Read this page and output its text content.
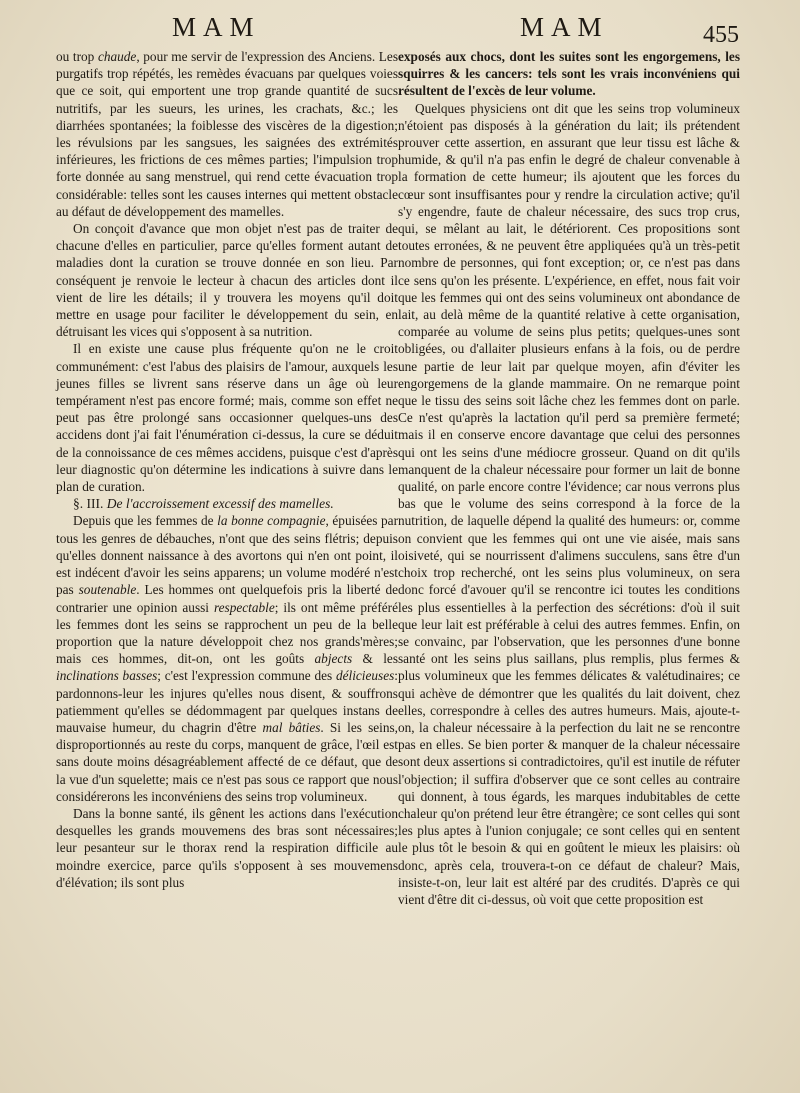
MAM	MAM	455

ou trop chaude, pour me servir de l'expression des Anciens. Les purgatifs trop répétés, les remèdes évacuans par quelques voies que ce soit, qui emportent une trop grande quantité de sucs nutritifs, par les sueurs, les urines, les crachats, &c.; les diarrhées spontanées; la foiblesse des viscères de la digestion; les révulsions par les sangsues, les saignées des extrémités inférieures, les frictions de ces mêmes parties; l'impulsion trop forte donnée au sang menstruel, qui rend cette évacuation trop considérable: telles sont les causes internes qui mettent obstacle au défaut de développement des mamelles.

On conçoit d'avance que mon objet n'est pas de traiter de chacune d'elles en particulier, parce qu'elles forment autant de maladies dont la curation se trouve donnée en son lieu. Par conséquent je renvoie le lecteur à chacun des articles dont il vient de lire les détails; il y trouvera les moyens qu'il doit mettre en usage pour faciliter le développement du sein, en détruisant les vices qui s'opposent à sa nutrition.

Il en existe une cause plus fréquente qu'on ne le croit communément: c'est l'abus des plaisirs de l'amour, auxquels les jeunes filles se livrent sans réserve dans un âge où leur tempérament n'est pas encore formé; mais, comme son effet ne peut pas être prolongé sans occasionner quelques-uns des accidens dont j'ai fait l'énumération ci-dessus, la cure se déduit de la connoissance de ces mêmes accidens, puisque c'est d'après leur diagnostic qu'on détermine les indications à suivre dans le plan de curation.

§. III. De l'accroissement excessif des mamelles.

Depuis que les femmes de la bonne compagnie, épuisées par tous les genres de débauches, n'ont que des seins flétris; depuis qu'elles donnent naissance à des avortons qui n'en ont point, il est indécent d'avoir les seins apparens; un volume modéré n'est pas soutenable. Les hommes ont quelquefois pris la liberté de contrarier une opinion aussi respectable; ils ont même préféré les femmes dont les seins se rapprochent un peu de la belle proportion que la nature développoit chez nos grands'mères; mais ces hommes, dit-on, ont les goûts abjects & les inclinations basses; c'est l'expression commune des délicieuses: pardonnons-leur les injures qu'elles nous disent, & souffrons patiemment qu'elles se dédommagent par quelques instans de mauvaise humeur, du chagrin d'être mal bâties. Si les seins, disproportionnés au reste du corps, manquent de grâce, l'œil est sans doute moins désagréablement affecté de ce défaut, que de la vue d'un squelette; mais ce n'est pas sous ce rapport que nous considérerons les inconvéniens des seins trop volumineux.

Dans la bonne santé, ils gênent les actions dans l'exécution desquelles les grands mouvemens des bras sont nécessaires; leur pesanteur sur le thorax rend la respiration difficile au moindre exercice, parce qu'ils s'opposent à ses mouvemens d'élévation; ils sont plus

exposés aux chocs, dont les suites sont les engorgemens, les squirres & les cancers: tels sont les vrais inconvéniens qui résultent de l'excès de leur volume.

Quelques physiciens ont dit que les seins trop volumineux n'étoient pas disposés à la génération du lait; ils prétendent prouver cette assertion, en assurant que leur tissu est lâche & humide, & qu'il n'a pas enfin le degré de chaleur convenable à la formation de cette humeur; ils ajoutent que les forces du cœur sont insuffisantes pour y rendre la circulation active; qu'il s'y engendre, faute de chaleur nécessaire, des sucs trop crus, qui, se mêlant au lait, le détériorent. Ces propositions sont toutes erronées, & ne peuvent être appliquées qu'à un très-petit nombre de personnes, qui font exception; or, ce n'est pas dans ce sens qu'on les présente. L'expérience, en effet, nous fait voir que les femmes qui ont des seins volumineux ont abondance de lait, au delà même de la quantité relative à cette organisation, comparée au volume de seins plus petits; quelques-unes sont obligées, ou d'allaiter plusieurs enfans à la fois, ou de perdre une partie de leur lait par quelque moyen, afin d'éviter les engorgemens de la glande mammaire. On ne remarque point que le tissu des seins soit lâche chez les femmes dont on parle. Ce n'est qu'après la lactation qu'il perd sa première fermeté; mais il en conserve encore davantage que celui des personnes qui ont les seins d'une médiocre grosseur. Quand on dit qu'ils manquent de la chaleur nécessaire pour former un lait de bonne qualité, on parle encore contre l'évidence; car nous verrons plus bas que le volume des seins correspond à la force de la nutrition, de laquelle dépend la qualité des humeurs: or, comme on convient que les femmes qui ont une vie aisée, mais sans oisiveté, qui se nourrissent d'alimens succulens, sans être d'un choix trop recherché, ont les seins plus volumineux, on sera donc forcé d'avouer qu'il se rencontre ici toutes les conditions les plus essentielles à la perfection des sécrétions: d'où il suit que leur lait est préférable à celui des autres femmes. Enfin, on se convainc, par l'observation, que les personnes d'une bonne santé ont les seins plus saillans, plus remplis, plus fermes & plus volumineux que les femmes délicates & valétudinaires; ce qui achève de démontrer que les qualités du lait doivent, chez elles, correspondre à celles des autres humeurs. Mais, ajoute-t-on, la chaleur nécessaire à la perfection du lait ne se rencontre pas en elles. Se bien porter & manquer de la chaleur nécessaire sont deux assertions si contradictoires, qu'il est inutile de réfuter l'objection; il suffira d'observer que ce sont celles au contraire qui donnent, à tous égards, les marques indubitables de cette chaleur qu'on prétend leur être étrangère; ce sont celles qui sont les plus aptes à l'union conjugale; ce sont celles qui en sentent le plus tôt le besoin & qui en goûtent le mieux les plaisirs: où donc, après cela, trouvera-t-on ce défaut de chaleur? Mais, insiste-t-on, leur lait est altéré par des crudités. D'après ce qui vient d'être dit ci-dessus, où voit que cette proposition est
